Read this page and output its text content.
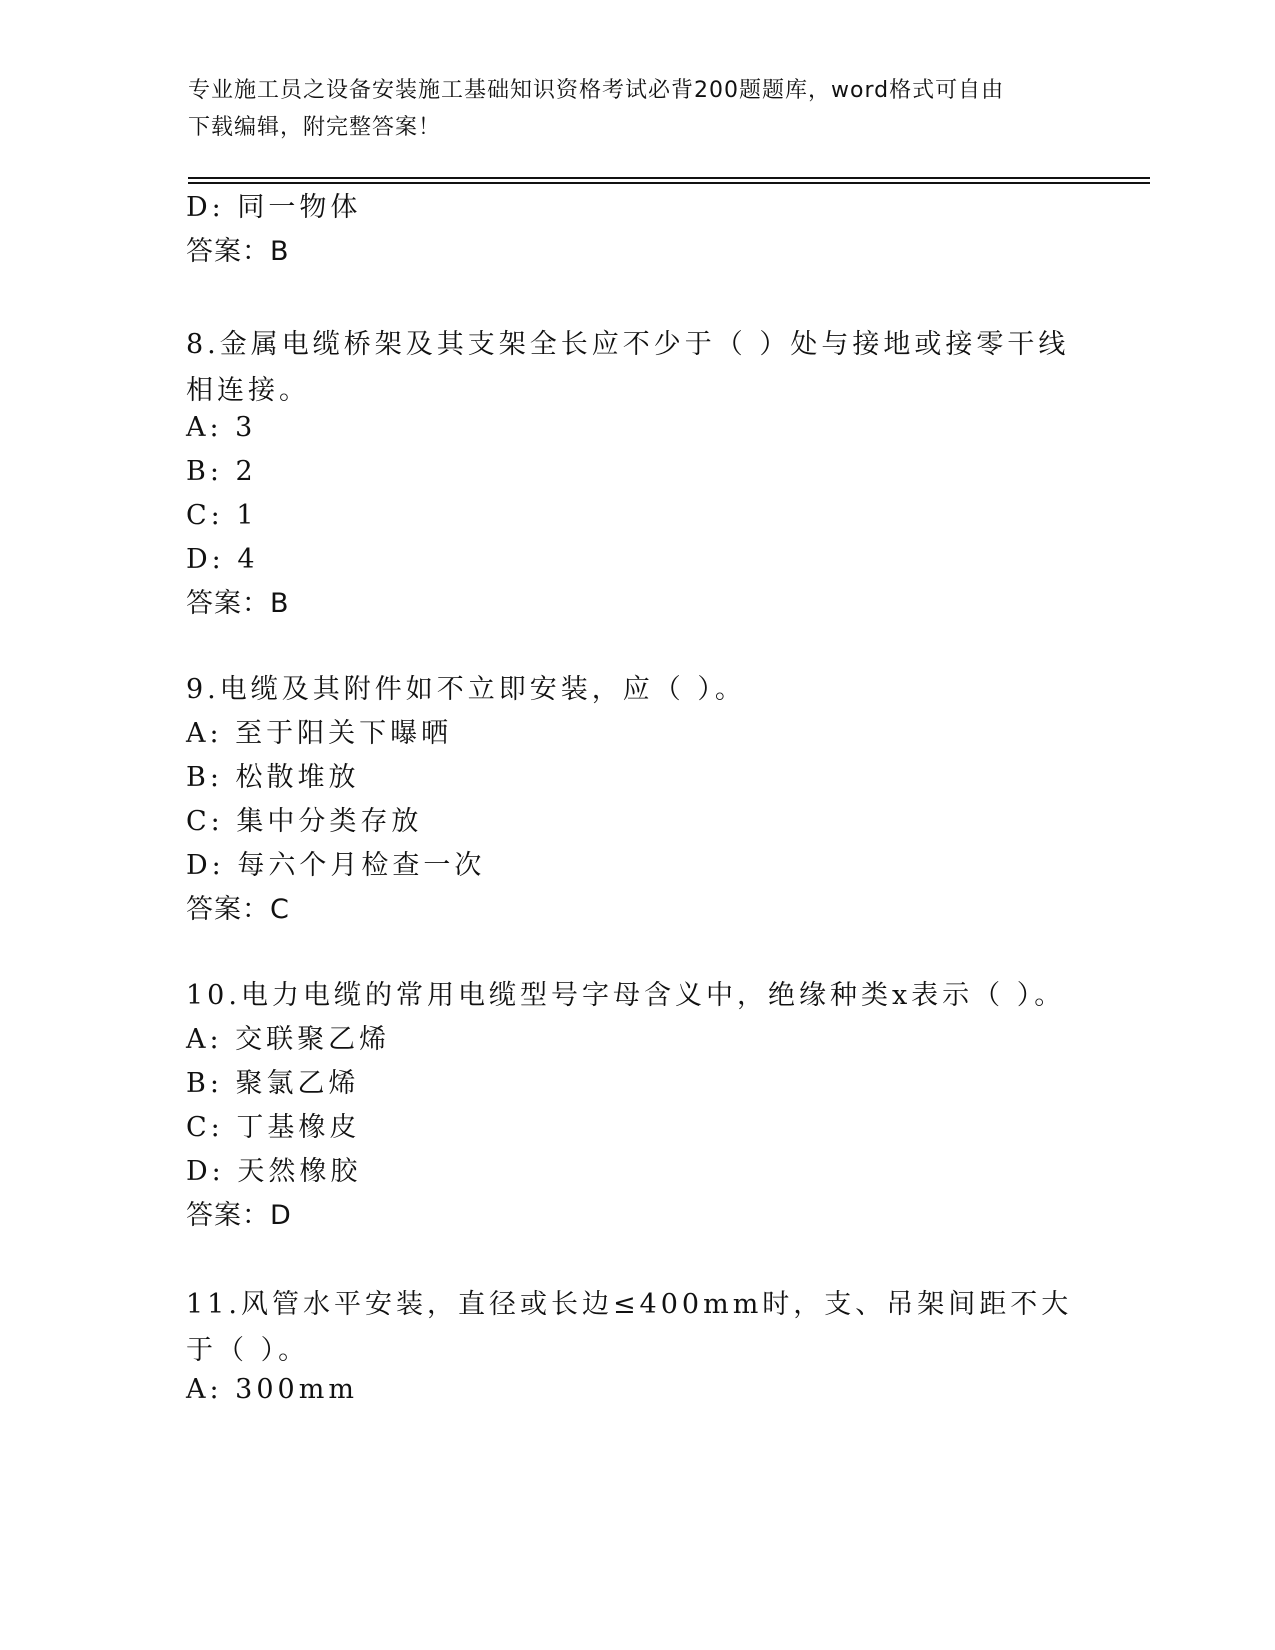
专业施工员之设备安装施工基础知识资格考试必背200题题库，word格式可自由
下载编辑，附完整答案！
D: 同一物体
答案：B
8.金属电缆桥架及其支架全长应不少于（ ）处与接地或接零干线相连接。
A: 3
B: 2
C: 1
D: 4
答案：B
9.电缆及其附件如不立即安装，应（ ）。
A: 至于阳关下曝晒
B: 松散堆放
C: 集中分类存放
D: 每六个月检查一次
答案：C
10.电力电缆的常用电缆型号字母含义中，绝缘种类x表示（ ）。
A: 交联聚乙烯
B: 聚氯乙烯
C: 丁基橡皮
D: 天然橡胶
答案：D
11.风管水平安装，直径或长边≤400mm时，支、吊架间距不大于（ ）。
A: 300mm
